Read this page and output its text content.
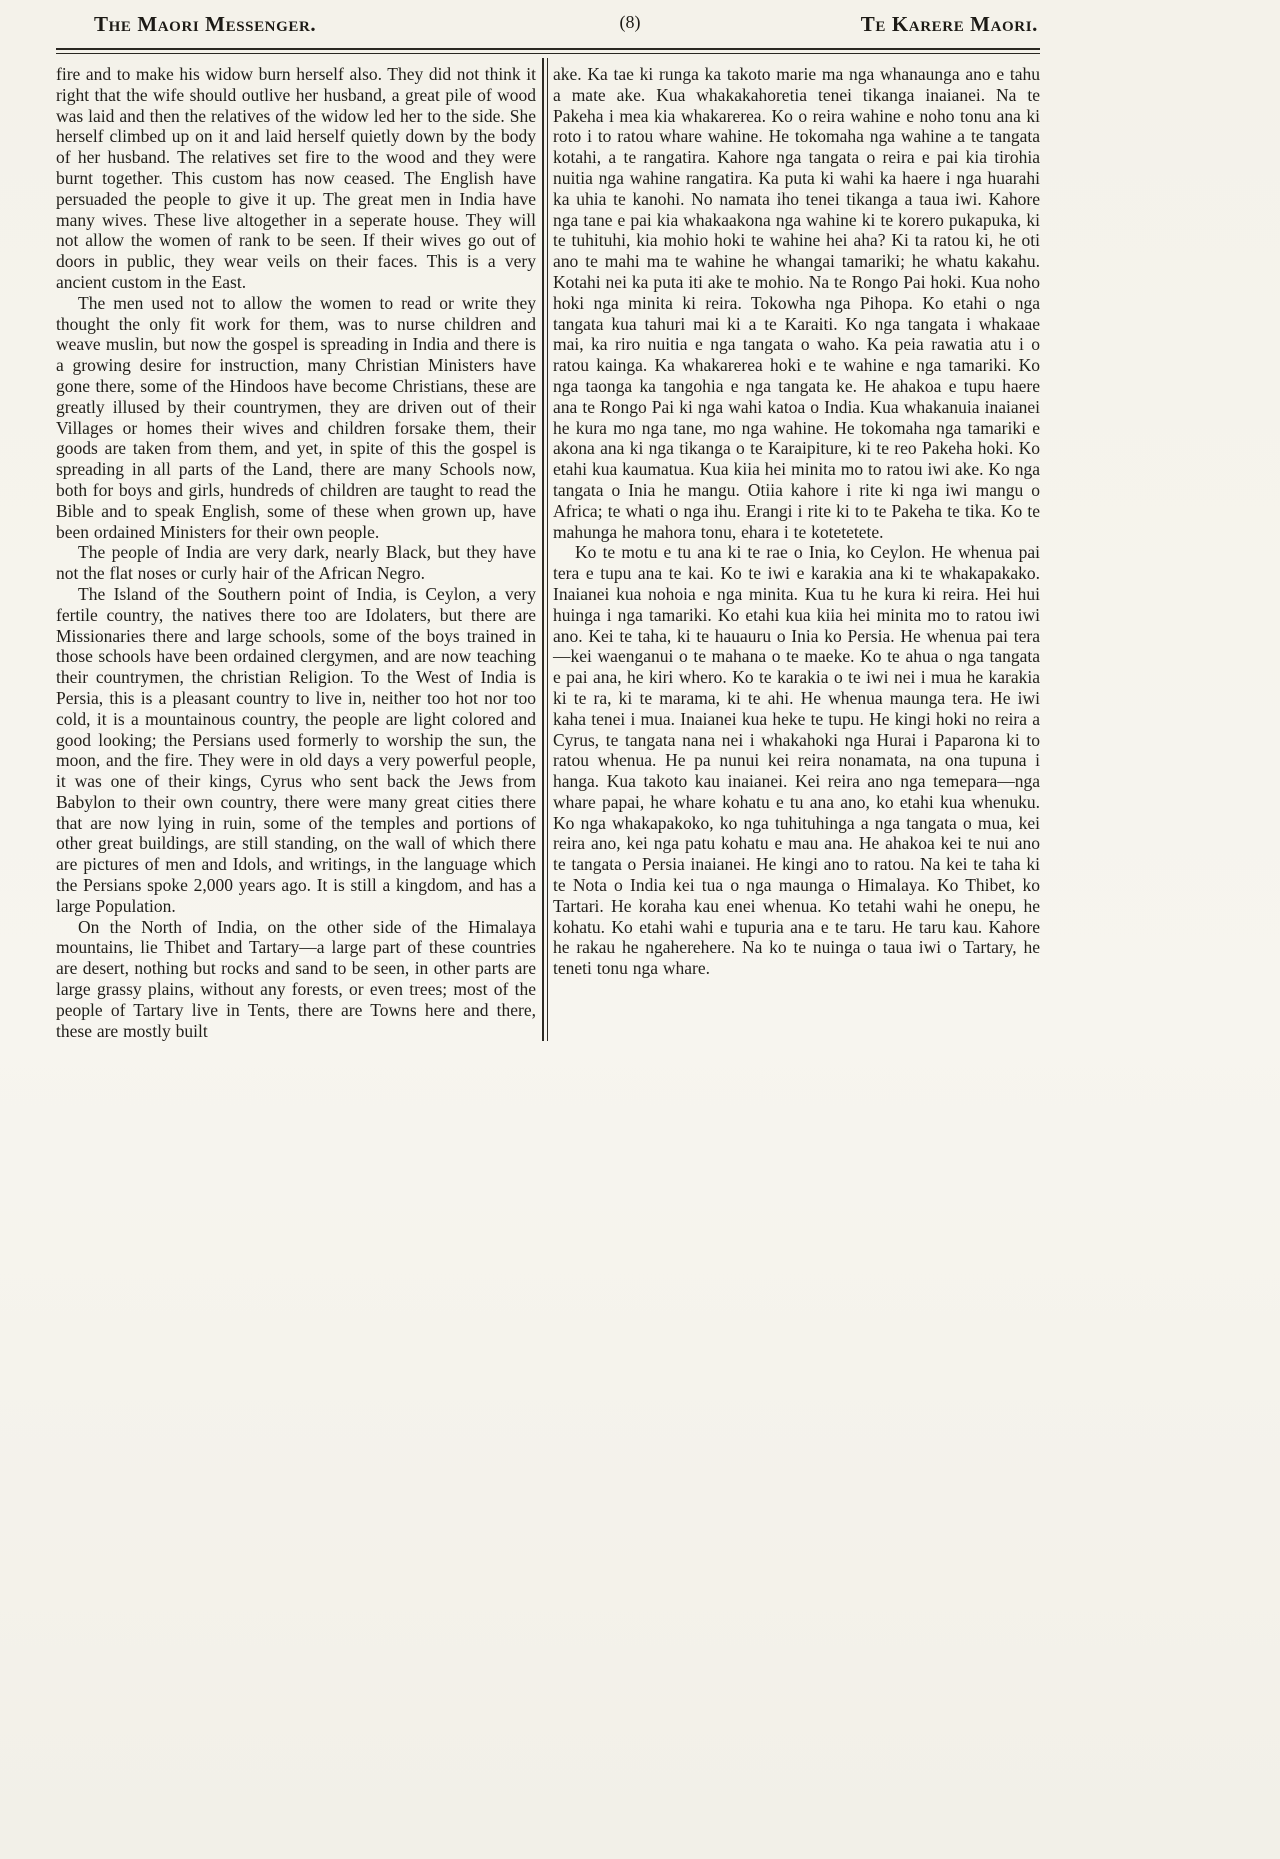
The Maori Messenger.	(8)	Te Karere Maori.

fire and to make his widow burn herself also. They did not think it right that the wife should outlive her husband, a great pile of wood was laid and then the relatives of the widow led her to the side. She herself climbed up on it and laid herself quietly down by the body of her husband. The relatives set fire to the wood and they were burnt together. This custom has now ceased. The English have persuaded the people to give it up. The great men in India have many wives. These live altogether in a seperate house. They will not allow the women of rank to be seen. If their wives go out of doors in public, they wear veils on their faces. This is a very ancient custom in the East.

The men used not to allow the women to read or write they thought the only fit work for them, was to nurse children and weave muslin, but now the gospel is spreading in India and there is a growing desire for instruction, many Christian Ministers have gone there, some of the Hindoos have become Christians, these are greatly illused by their countrymen, they are driven out of their Villages or homes their wives and children forsake them, their goods are taken from them, and yet, in spite of this the gospel is spreading in all parts of the Land, there are many Schools now, both for boys and girls, hundreds of children are taught to read the Bible and to speak English, some of these when grown up, have been ordained Ministers for their own people.

The people of India are very dark, nearly Black, but they have not the flat noses or curly hair of the African Negro.

The Island of the Southern point of India, is Ceylon, a very fertile country, the natives there too are Idolaters, but there are Missionaries there and large schools, some of the boys trained in those schools have been ordained clergymen, and are now teaching their countrymen, the christian Religion. To the West of India is Persia, this is a pleasant country to live in, neither too hot nor too cold, it is a mountainous country, the people are light colored and good looking; the Persians used formerly to worship the sun, the moon, and the fire. They were in old days a very powerful people, it was one of their kings, Cyrus who sent back the Jews from Babylon to their own country, there were many great cities there that are now lying in ruin, some of the temples and portions of other great buildings, are still standing, on the wall of which there are pictures of men and Idols, and writings, in the language which the Persians spoke 2,000 years ago. It is still a kingdom, and has a large Population.

On the North of India, on the other side of the Himalaya mountains, lie Thibet and Tartary—a large part of these countries are desert, nothing but rocks and sand to be seen, in other parts are large grassy plains, without any forests, or even trees; most of the people of Tartary live in Tents, there are Towns here and there, these are mostly built

ake. Ka tae ki runga ka takoto marie ma nga whanaunga ano e tahu a mate ake. Kua whakakahoretia tenei tikanga inaianei. Na te Pakeha i mea kia whakarerea. Ko o reira wahine e noho tonu ana ki roto i to ratou whare wahine. He tokomaha nga wahine a te tangata kotahi, a te rangatira. Kahore nga tangata o reira e pai kia tirohia nuitia nga wahine rangatira. Ka puta ki wahi ka haere i nga huarahi ka uhia te kanohi. No namata iho tenei tikanga a taua iwi. Kahore nga tane e pai kia whakaakona nga wahine ki te korero pukapuka, ki te tuhituhi, kia mohio hoki te wahine hei aha? Ki ta ratou ki, he oti ano te mahi ma te wahine he whangai tamariki; he whatu kakahu. Kotahi nei ka puta iti ake te mohio. Na te Rongo Pai hoki. Kua noho hoki nga minita ki reira. Tokowha nga Pihopa. Ko etahi o nga tangata kua tahuri mai ki a te Karaiti. Ko nga tangata i whakaae mai, ka riro nuitia e nga tangata o waho. Ka peia rawatia atu i o ratou kainga. Ka whakarerea hoki e te wahine e nga tamariki. Ko nga taonga ka tangohia e nga tangata ke. He ahakoa e tupu haere ana te Rongo Pai ki nga wahi katoa o India. Kua whakanuia inaianei he kura mo nga tane, mo nga wahine. He tokomaha nga tamariki e akona ana ki nga tikanga o te Karaipiture, ki te reo Pakeha hoki. Ko etahi kua kaumatua. Kua kiia hei minita mo to ratou iwi ake. Ko nga tangata o Inia he mangu. Otiia kahore i rite ki nga iwi mangu o Africa; te whati o nga ihu. Erangi i rite ki to te Pakeha te tika. Ko te mahunga he mahora tonu, ehara i te kotetetete.

Ko te motu e tu ana ki te rae o Inia, ko Ceylon. He whenua pai tera e tupu ana te kai. Ko te iwi e karakia ana ki te whakapakako. Inaianei kua nohoia e nga minita. Kua tu he kura ki reira. Hei hui huinga i nga tamariki. Ko etahi kua kiia hei minita mo to ratou iwi ano. Kei te taha, ki te hauauru o Inia ko Persia. He whenua pai tera—kei waenganui o te mahana o te maeke. Ko te ahua o nga tangata e pai ana, he kiri whero. Ko te karakia o te iwi nei i mua he karakia ki te ra, ki te marama, ki te ahi. He whenua maunga tera. He iwi kaha tenei i mua. Inaianei kua heke te tupu. He kingi hoki no reira a Cyrus, te tangata nana nei i whakahoki nga Hurai i Paparona ki to ratou whenua. He pa nunui kei reira nonamata, na ona tupuna i hanga. Kua takoto kau inaianei. Kei reira ano nga temepara—nga whare papai, he whare kohatu e tu ana ano, ko etahi kua whenuku. Ko nga whakapakoko, ko nga tuhituhinga a nga tangata o mua, kei reira ano, kei nga patu kohatu e mau ana. He ahakoa kei te nui ano te tangata o Persia inaianei. He kingi ano to ratou. Na kei te taha ki te Nota o India kei tua o nga maunga o Himalaya. Ko Thibet, ko Tartari. He koraha kau enei whenua. Ko tetahi wahi he onepu, he kohatu. Ko etahi wahi e tupuria ana e te taru. He taru kau. Kahore he rakau he ngaherehere. Na ko te nuinga o taua iwi o Tartary, he teneti tonu nga whare.
